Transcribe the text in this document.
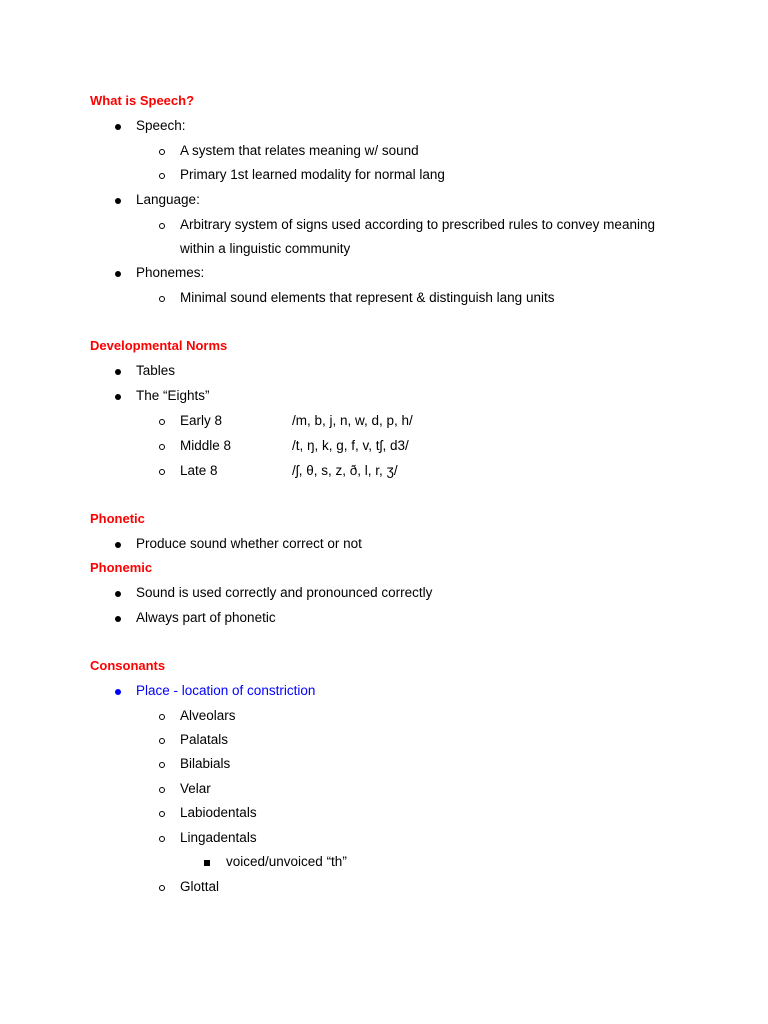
What is Speech?
Speech:
A system that relates meaning w/ sound
Primary 1st learned modality for normal lang
Language:
Arbitrary system of signs used according to prescribed rules to convey meaning within a linguistic community
Phonemes:
Minimal sound elements that represent & distinguish lang units
Developmental Norms
Tables
The “Eights”
Early 8	/m, b, j, n, w, d, p, h/
Middle 8	/t, ŋ, k, g, f, v, tʃ, d3/
Late 8	/ʃ, θ, s, z, ð, l, r, ʒ/
Phonetic
Produce sound whether correct or not
Phonemic
Sound is used correctly and pronounced correctly
Always part of phonetic
Consonants
Place - location of constriction
Alveolars
Palatals
Bilabials
Velar
Labiodentals
Lingadentals
voiced/unvoiced “th”
Glottal
